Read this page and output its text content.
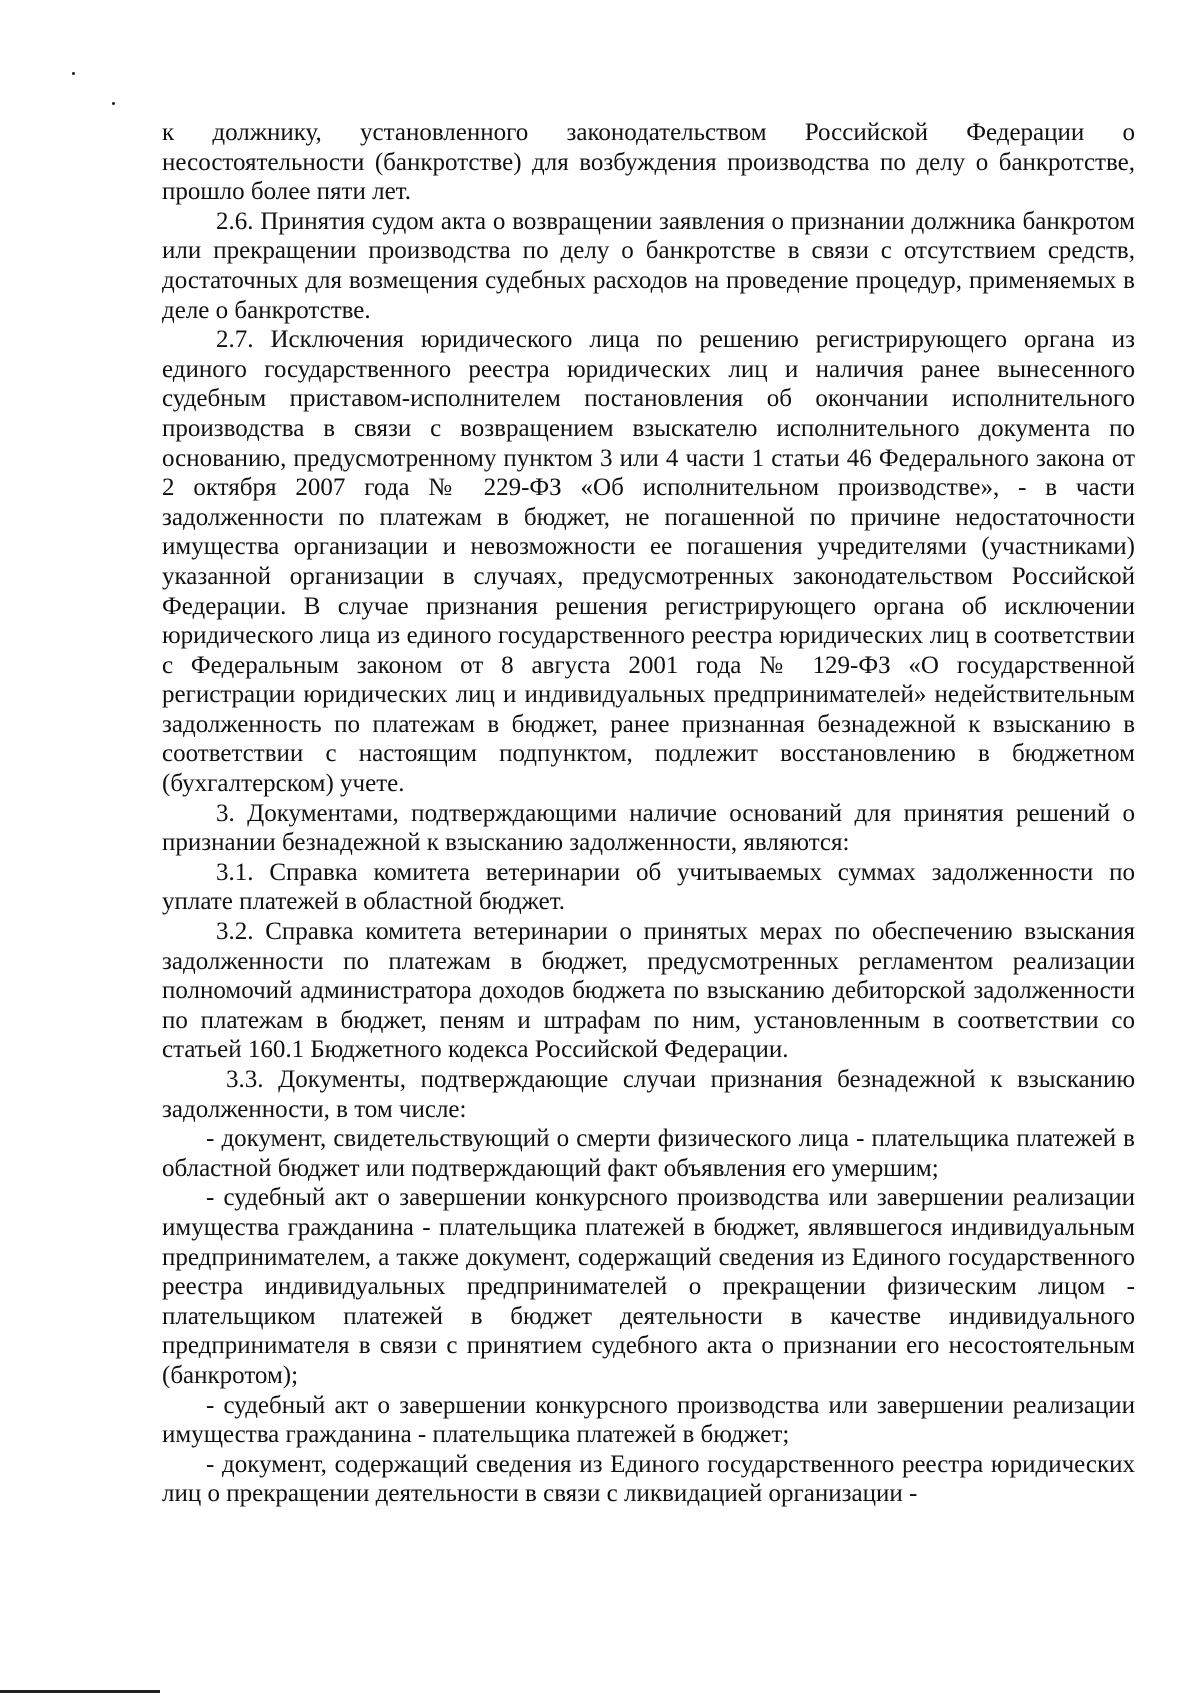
к должнику, установленного законодательством Российской Федерации о несостоятельности (банкротстве) для возбуждения производства по делу о банкротстве, прошло более пяти лет.

2.6. Принятия судом акта о возвращении заявления о признании должника банкротом или прекращении производства по делу о банкротстве в связи с отсутствием средств, достаточных для возмещения судебных расходов на проведение процедур, применяемых в деле о банкротстве.

2.7. Исключения юридического лица по решению регистрирующего органа из единого государственного реестра юридических лиц и наличия ранее вынесенного судебным приставом-исполнителем постановления об окончании исполнительного производства в связи с возвращением взыскателю исполнительного документа по основанию, предусмотренному пунктом 3 или 4 части 1 статьи 46 Федерального закона от 2 октября 2007 года № 229-ФЗ «Об исполнительном производстве», - в части задолженности по платежам в бюджет, не погашенной по причине недостаточности имущества организации и невозможности ее погашения учредителями (участниками) указанной организации в случаях, предусмотренных законодательством Российской Федерации. В случае признания решения регистрирующего органа об исключении юридического лица из единого государственного реестра юридических лиц в соответствии с Федеральным законом от 8 августа 2001 года № 129-ФЗ «О государственной регистрации юридических лиц и индивидуальных предпринимателей» недействительным задолженность по платежам в бюджет, ранее признанная безнадежной к взысканию в соответствии с настоящим подпунктом, подлежит восстановлению в бюджетном (бухгалтерском) учете.

3. Документами, подтверждающими наличие оснований для принятия решений о признании безнадежной к взысканию задолженности, являются:

3.1. Справка комитета ветеринарии об учитываемых суммах задолженности по уплате платежей в областной бюджет.

3.2. Справка комитета ветеринарии о принятых мерах по обеспечению взыскания задолженности по платежам в бюджет, предусмотренных регламентом реализации полномочий администратора доходов бюджета по взысканию дебиторской задолженности по платежам в бюджет, пеням и штрафам по ним, установленным в соответствии со статьей 160.1 Бюджетного кодекса Российской Федерации.

3.3. Документы, подтверждающие случаи признания безнадежной к взысканию задолженности, в том числе:

- документ, свидетельствующий о смерти физического лица - плательщика платежей в областной бюджет или подтверждающий факт объявления его умершим;

- судебный акт о завершении конкурсного производства или завершении реализации имущества гражданина - плательщика платежей в бюджет, являвшегося индивидуальным предпринимателем, а также документ, содержащий сведения из Единого государственного реестра индивидуальных предпринимателей о прекращении физическим лицом - плательщиком платежей в бюджет деятельности в качестве индивидуального предпринимателя в связи с принятием судебного акта о признании его несостоятельным (банкротом);

- судебный акт о завершении конкурсного производства или завершении реализации имущества гражданина - плательщика платежей в бюджет;

- документ, содержащий сведения из Единого государственного реестра юридических лиц о прекращении деятельности в связи с ликвидацией организации -
